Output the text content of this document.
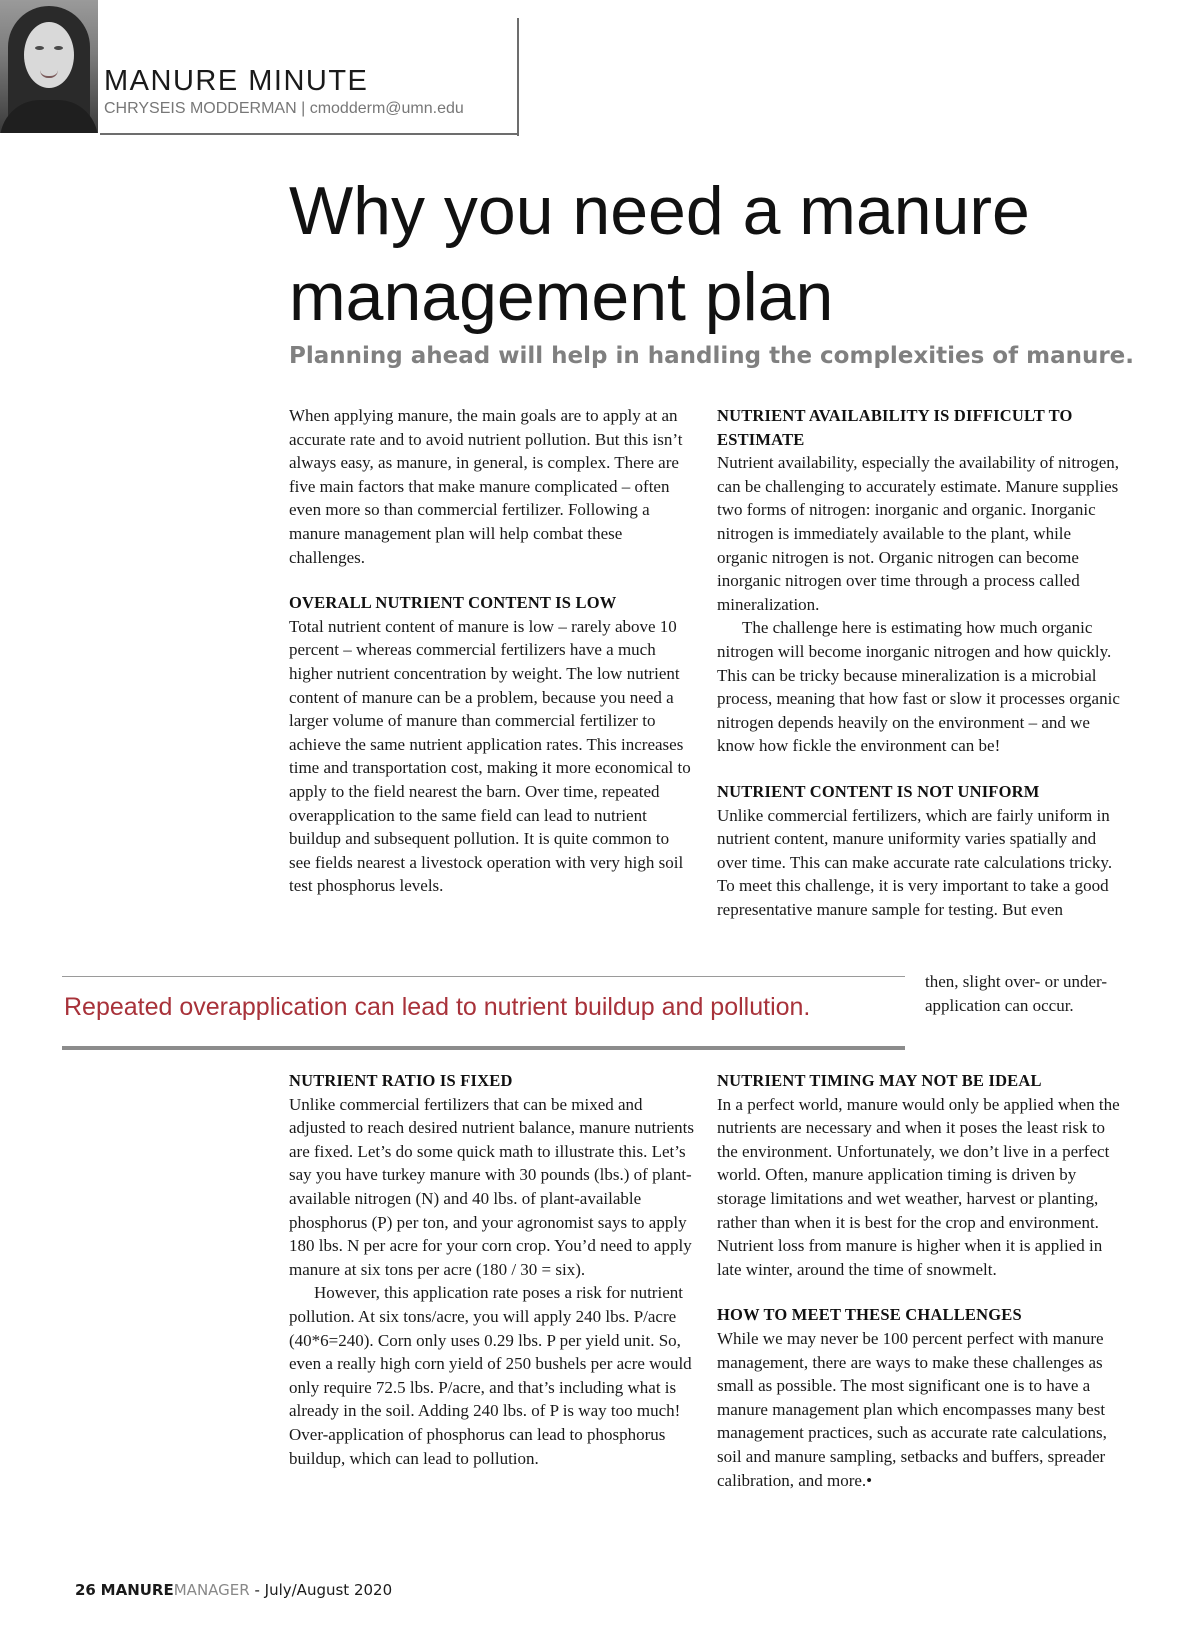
MANURE MINUTE
CHRYSEIS MODDERMAN | cmodderm@umn.edu
Why you need a manure
management plan
Planning ahead will help in handling the complexities of manure.

When applying manure, the main goals are to apply at an accurate rate and to avoid nutrient pollution. But this isn’t always easy, as manure, in general, is complex. There are five main factors that make manure complicated – often even more so than commercial fertilizer. Following a manure management plan will help combat these challenges.

OVERALL NUTRIENT CONTENT IS LOW

Total nutrient content of manure is low – rarely above 10 percent – whereas commercial fertilizers have a much higher nutrient concentration by weight. The low nutrient content of manure can be a problem, because you need a larger volume of manure than commercial fertilizer to achieve the same nutrient application rates. This increases time and transportation cost, making it more economical to apply to the field nearest the barn. Over time, repeated overapplication to the same field can lead to nutrient buildup and subsequent pollution. It is quite common to see fields nearest a livestock operation with very high soil test phosphorus levels.

NUTRIENT AVAILABILITY IS DIFFICULT TO ESTIMATE

Nutrient availability, especially the availability of nitrogen, can be challenging to accurately estimate. Manure supplies two forms of nitrogen: inorganic and organic. Inorganic nitrogen is immediately available to the plant, while organic nitrogen is not. Organic nitrogen can become inorganic nitrogen over time through a process called mineralization.

The challenge here is estimating how much organic nitrogen will become inorganic nitrogen and how quickly. This can be tricky because mineralization is a microbial process, meaning that how fast or slow it processes organic nitrogen depends heavily on the environment – and we know how fickle the environment can be!

NUTRIENT CONTENT IS NOT UNIFORM

Unlike commercial fertilizers, which are fairly uniform in nutrient content, manure uniformity varies spatially and over time. This can make accurate rate calculations tricky. To meet this challenge, it is very important to take a good representative manure sample for testing. But even

then, slight over- or under-application can occur.
Repeated overapplication can lead to nutrient buildup and pollution.
NUTRIENT RATIO IS FIXED

Unlike commercial fertilizers that can be mixed and adjusted to reach desired nutrient balance, manure nutrients are fixed. Let’s do some quick math to illustrate this. Let’s say you have turkey manure with 30 pounds (lbs.) of plant-available nitrogen (N) and 40 lbs. of plant-available phosphorus (P) per ton, and your agronomist says to apply 180 lbs. N per acre for your corn crop. You’d need to apply manure at six tons per acre (180 / 30 = six).

However, this application rate poses a risk for nutrient pollution. At six tons/acre, you will apply 240 lbs. P/acre (40*6=240). Corn only uses 0.29 lbs. P per yield unit. So, even a really high corn yield of 250 bushels per acre would only require 72.5 lbs. P/acre, and that’s including what is already in the soil. Adding 240 lbs. of P is way too much! Over-application of phosphorus can lead to phosphorus buildup, which can lead to pollution.

NUTRIENT TIMING MAY NOT BE IDEAL

In a perfect world, manure would only be applied when the nutrients are necessary and when it poses the least risk to the environment. Unfortunately, we don’t live in a perfect world. Often, manure application timing is driven by storage limitations and wet weather, harvest or planting, rather than when it is best for the crop and environment. Nutrient loss from manure is higher when it is applied in late winter, around the time of snowmelt.

HOW TO MEET THESE CHALLENGES

While we may never be 100 percent perfect with manure management, there are ways to make these challenges as small as possible. The most significant one is to have a manure management plan which encompasses many best management practices, such as accurate rate calculations, soil and manure sampling, setbacks and buffers, spreader calibration, and more.•

26 MANUREMANAGER - July/August 2020
